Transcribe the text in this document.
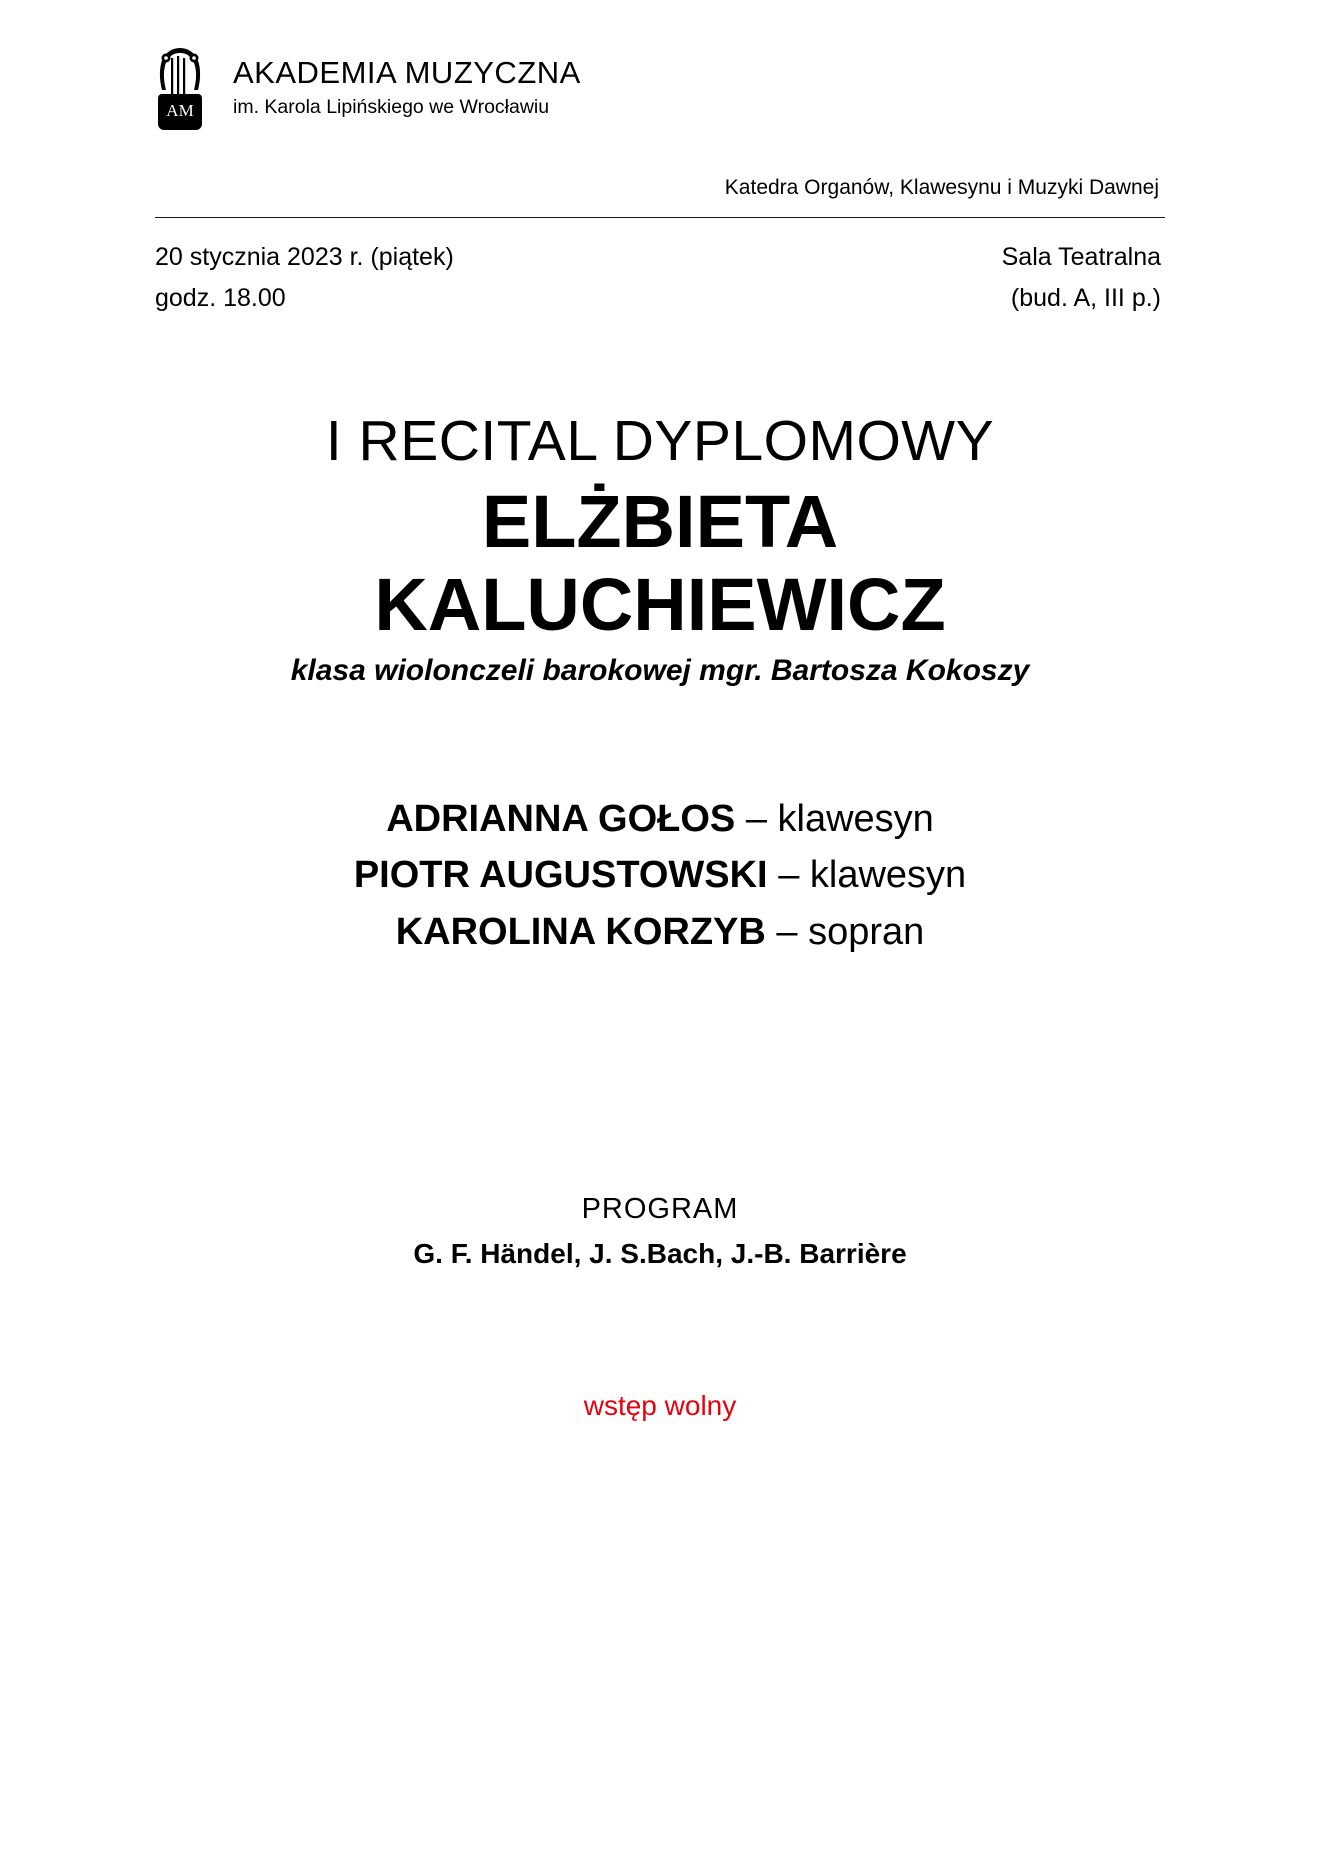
AM
AKADEMIA MUZYCZNA
im. Karola Lipińskiego we Wrocławiu
Katedra Organów, Klawesynu i Muzyki Dawnej
20 stycznia 2023 r. (piątek)
godz. 18.00
Sala Teatralna
(bud. A, III p.)
I RECITAL DYPLOMOWY
ELŻBIETA
KALUCHIEWICZ
klasa wiolonczeli barokowej mgr. Bartosza Kokoszy
ADRIANNA GOŁOS – klawesyn
PIOTR AUGUSTOWSKI – klawesyn
KAROLINA KORZYB – sopran
PROGRAM
G. F. Händel, J. S.Bach, J.-B. Barrière
wstęp wolny
